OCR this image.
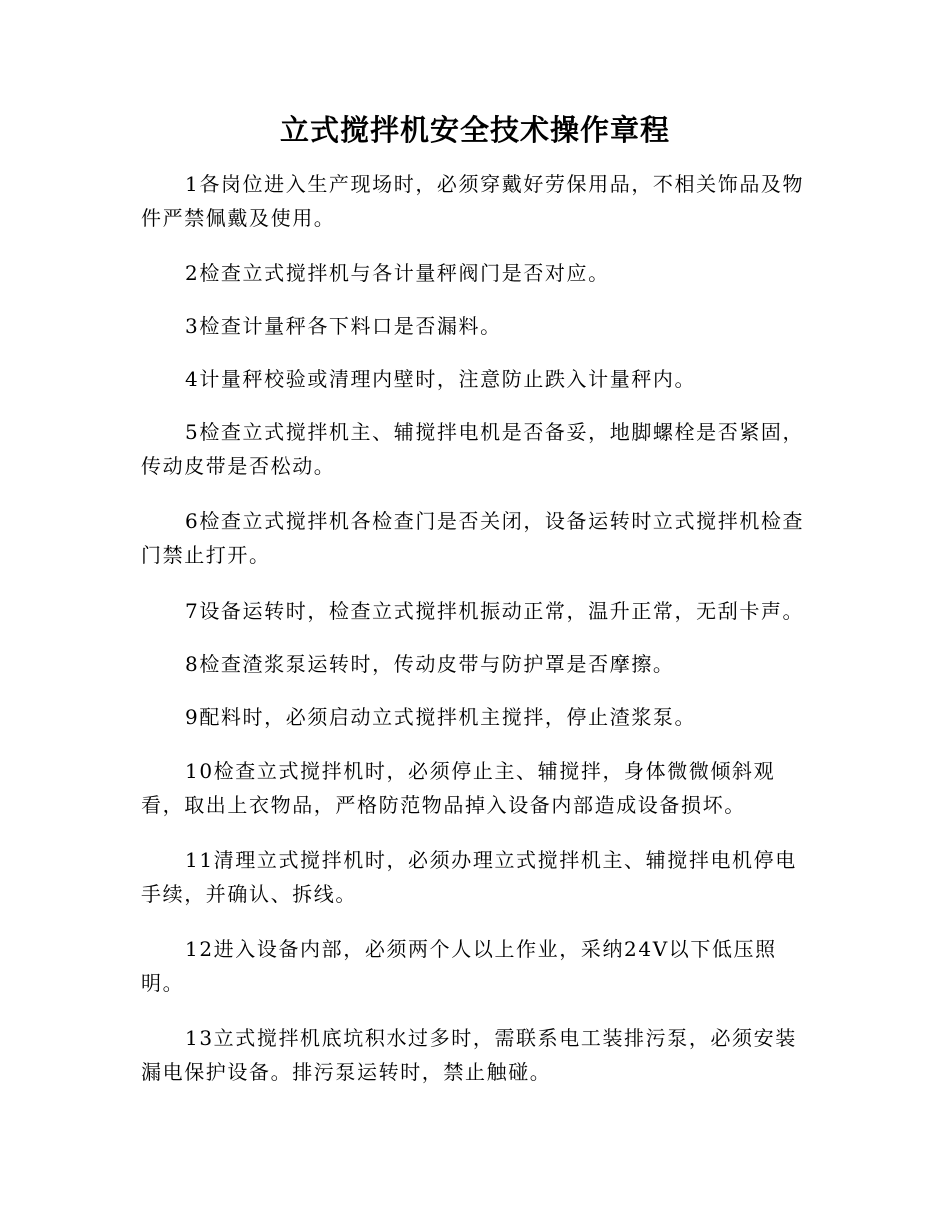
立式搅拌机安全技术操作章程

1各岗位进入生产现场时，必须穿戴好劳保用品，不相关饰品及物件严禁佩戴及使用。

2检查立式搅拌机与各计量秤阀门是否对应。

3检查计量秤各下料口是否漏料。

4计量秤校验或清理内壁时，注意防止跌入计量秤内。

5检查立式搅拌机主、辅搅拌电机是否备妥，地脚螺栓是否紧固，传动皮带是否松动。

6检查立式搅拌机各检查门是否关闭，设备运转时立式搅拌机检查门禁止打开。

7设备运转时，检查立式搅拌机振动正常，温升正常，无刮卡声。

8检查渣浆泵运转时，传动皮带与防护罩是否摩擦。

9配料时，必须启动立式搅拌机主搅拌，停止渣浆泵。

10检查立式搅拌机时，必须停止主、辅搅拌，身体微微倾斜观看，取出上衣物品，严格防范物品掉入设备内部造成设备损坏。

11清理立式搅拌机时，必须办理立式搅拌机主、辅搅拌电机停电手续，并确认、拆线。

12进入设备内部，必须两个人以上作业，采纳24V以下低压照明。

13立式搅拌机底坑积水过多时，需联系电工装排污泵，必须安装漏电保护设备。排污泵运转时，禁止触碰。
